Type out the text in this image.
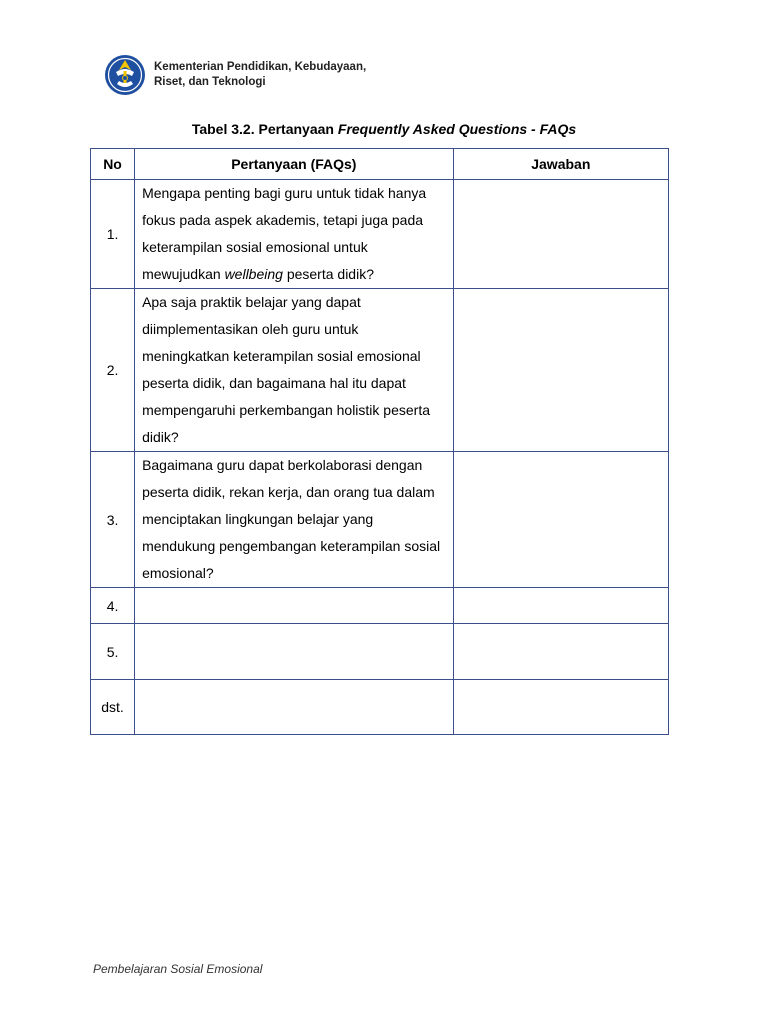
Kementerian Pendidikan, Kebudayaan,
Riset, dan Teknologi
Tabel 3.2. Pertanyaan Frequently Asked Questions - FAQs
No	Pertanyaan (FAQs)	Jawaban
1.	Mengapa penting bagi guru untuk tidak hanya fokus pada aspek akademis, tetapi juga pada keterampilan sosial emosional untuk mewujudkan wellbeing peserta didik?	
2.	Apa saja praktik belajar yang dapat diimplementasikan oleh guru untuk meningkatkan keterampilan sosial emosional peserta didik, dan bagaimana hal itu dapat mempengaruhi perkembangan holistik peserta didik?	
3.	Bagaimana guru dapat berkolaborasi dengan peserta didik, rekan kerja, dan orang tua dalam menciptakan lingkungan belajar yang mendukung pengembangan keterampilan sosial emosional?	
4.		
5.		
dst.		
Pembelajaran Sosial Emosional
